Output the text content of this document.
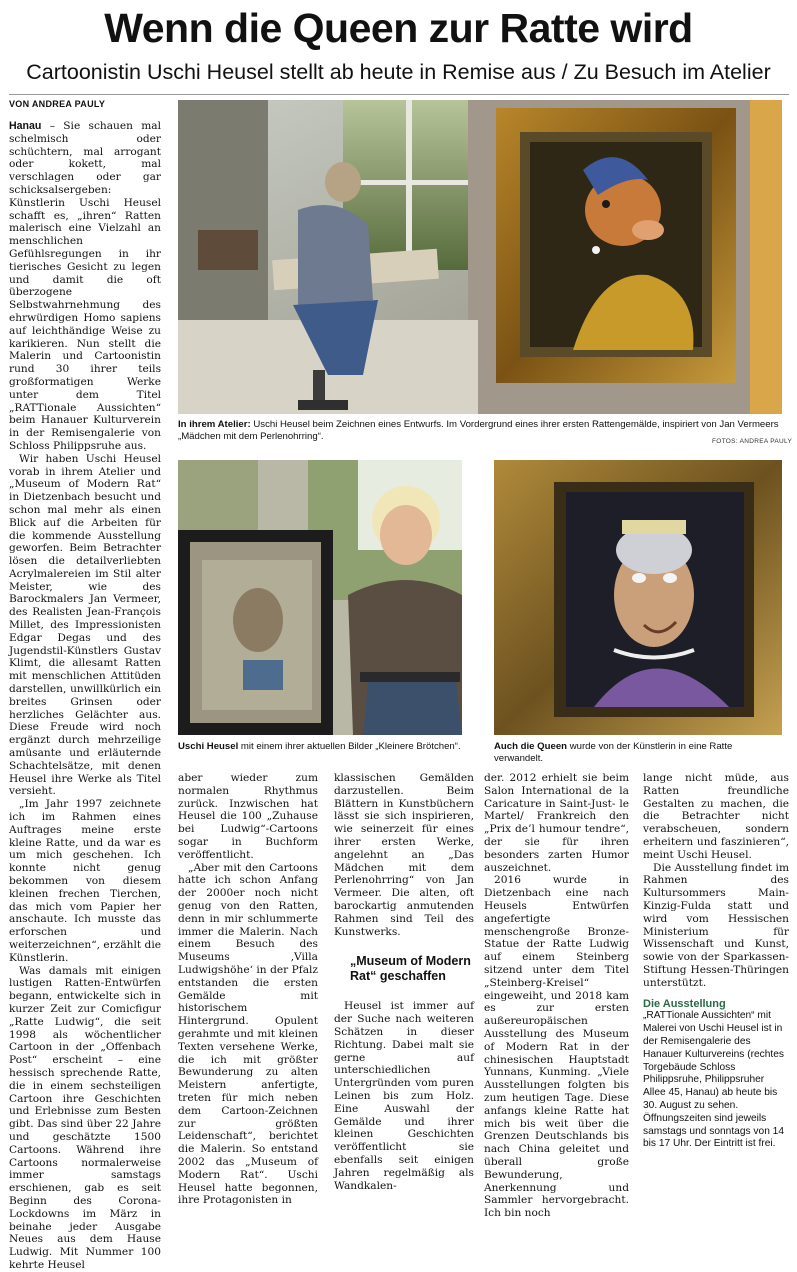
Wenn die Queen zur Ratte wird
Cartoonistin Uschi Heusel stellt ab heute in Remise aus / Zu Besuch im Atelier
VON ANDREA PAULY

Hanau – Sie schauen mal schelmisch oder schüchtern, mal arrogant oder kokett, mal verschlagen oder gar schicksalsergeben: Künstlerin Uschi Heusel schafft es, „ihren“ Ratten malerisch eine Vielzahl an menschlichen Gefühlsregungen in ihr tierisches Gesicht zu legen und damit die oft überzogene Selbstwahrnehmung des ehrwürdigen Homo sapiens auf leichthändige Weise zu karikieren. Nun stellt die Malerin und Cartoonistin rund 30 ihrer teils großformatigen Werke unter dem Titel „RATTionale Aussichten“ beim Hanauer Kulturverein in der Remisengalerie von Schloss Philippsruhe aus.

Wir haben Uschi Heusel vorab in ihrem Atelier und „Museum of Modern Rat“ in Dietzenbach besucht und schon mal mehr als einen Blick auf die Arbeiten für die kommende Ausstellung geworfen. Beim Betrachter lösen die detailverliebten Acrylmalereien im Stil alter Meister, wie des Barockmalers Jan Vermeer, des Realisten Jean-François Millet, des Impressionisten Edgar Degas und des Jugendstil-Künstlers Gustav Klimt, die allesamt Ratten mit menschlichen Attitüden darstellen, unwillkürlich ein breites Grinsen oder herzliches Gelächter aus. Diese Freude wird noch ergänzt durch mehrzeilige amüsante und erläuternde Schachtelsätze, mit denen Heusel ihre Werke als Titel versieht.

„Im Jahr 1997 zeichnete ich im Rahmen eines Auftrages meine erste kleine Ratte, und da war es um mich geschehen. Ich konnte nicht genug bekommen von diesem kleinen frechen Tierchen, das mich vom Papier her anschaute. Ich musste das erforschen und weiterzeichnen“, erzählt die Künstlerin.

Was damals mit einigen lustigen Ratten-Entwürfen begann, entwickelte sich in kurzer Zeit zur Comicfigur „Ratte Ludwig“, die seit 1998 als wöchentlicher Cartoon in der „Offenbach Post“ erscheint – eine hessisch sprechende Ratte, die in einem sechsteiligen Cartoon ihre Geschichten und Erlebnisse zum Besten gibt. Das sind über 22 Jahre und geschätzte 1500 Cartoons. Während ihre Cartoons normalerweise immer samstags erschienen, gab es seit Beginn des Corona-Lockdowns im März in beinahe jeder Ausgabe Neues aus dem Hause Ludwig. Mit Nummer 100 kehrte Heusel

In ihrem Atelier: Uschi Heusel beim Zeichnen eines Entwurfs. Im Vordergrund eines ihrer ersten Rattengemälde, inspiriert von Jan Vermeers „Mädchen mit dem Perlenohrring“.	FOTOS: ANDREA PAULY
Uschi Heusel mit einem ihrer aktuellen Bilder „Kleinere Brötchen“.	Auch die Queen wurde von der Künstlerin in eine Ratte verwandelt.

aber wieder zum normalen Rhythmus zurück. Inzwischen hat Heusel die 100 „Zuhause bei Ludwig“-Cartoons sogar in Buchform veröffentlicht.

„Aber mit den Cartoons hatte ich schon Anfang der 2000er noch nicht genug von den Ratten, denn in mir schlummerte immer die Malerin. Nach einem Besuch des Museums ‚Villa Ludwigshöhe‘ in der Pfalz entstanden die ersten Gemälde mit historischem Hintergrund. Opulent gerahmte und mit kleinen Texten versehene Werke, die ich mit größter Bewunderung zu alten Meistern anfertigte, treten für mich neben dem Cartoon-Zeichnen zur größten Leidenschaft“, berichtet die Malerin. So entstand 2002 das „Museum of Modern Rat“. Uschi Heusel hatte begonnen, ihre Protagonisten in

klassischen Gemälden darzustellen. Beim Blättern in Kunstbüchern lässt sie sich inspirieren, wie seinerzeit für eines ihrer ersten Werke, angelehnt an „Das Mädchen mit dem Perlenohrring“ von Jan Vermeer. Die alten, oft barockartig anmutenden Rahmen sind Teil des Kunstwerks.

„Museum of Modern Rat“ geschaffen

Heusel ist immer auf der Suche nach weiteren Schätzen in dieser Richtung. Dabei malt sie gerne auf unterschiedlichen Untergründen vom puren Leinen bis zum Holz. Eine Auswahl der Gemälde und ihrer kleinen Geschichten veröffentlicht sie ebenfalls seit einigen Jahren regelmäßig als Wandkalen-

der. 2012 erhielt sie beim Salon International de la Caricature in Saint-Just- le Martel/ Frankreich den „Prix de’l humour tendre“, der sie für ihren besonders zarten Humor auszeichnet.

2016 wurde in Dietzenbach eine nach Heusels Entwürfen angefertigte menschengroße Bronze-Statue der Ratte Ludwig auf einem Steinberg sitzend unter dem Titel „Steinberg-Kreisel“ eingeweiht, und 2018 kam es zur ersten außereuropäischen Ausstellung des Museum of Modern Rat in der chinesischen Hauptstadt Yunnans, Kunming. „Viele Ausstellungen folgten bis zum heutigen Tage. Diese anfangs kleine Ratte hat mich bis weit über die Grenzen Deutschlands bis nach China geleitet und überall große Bewunderung, Anerkennung und Sammler hervorgebracht. Ich bin noch

lange nicht müde, aus Ratten freundliche Gestalten zu machen, die die Betrachter nicht verabscheuen, sondern erheitern und faszinieren“, meint Uschi Heusel.

Die Ausstellung findet im Rahmen des Kultursommers Main-Kinzig-Fulda statt und wird vom Hessischen Ministerium für Wissenschaft und Kunst, sowie von der Sparkassen-Stiftung Hessen-Thüringen unterstützt.

Die Ausstellung
„RATTionale Aussichten“ mit Malerei von Uschi Heusel ist in der Remisengalerie des Hanauer Kulturvereins (rechtes Torgebäude Schloss Philippsruhe, Philippsruher Allee 45, Hanau) ab heute bis 30. August zu sehen. Öffnungszeiten sind jeweils samstags und sonntags von 14 bis 17 Uhr. Der Eintritt ist frei.
